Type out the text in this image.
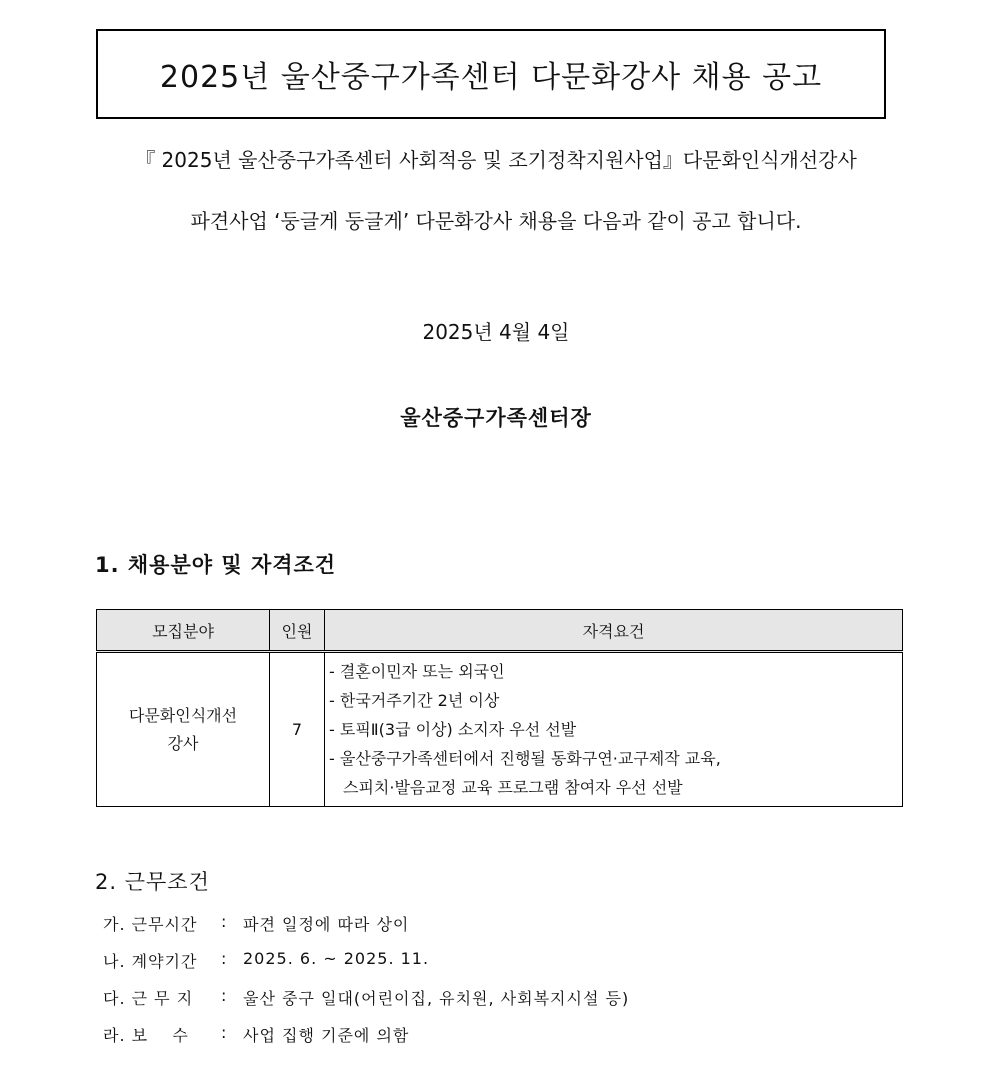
2025년 울산중구가족센터 다문화강사 채용 공고
『 2025년 울산중구가족센터 사회적응 및 조기정착지원사업』다문화인식개선강사
파견사업 ‘둥글게 둥글게’ 다문화강사 채용을 다음과 같이 공고 합니다.
2025년 4월 4일
울산중구가족센터장
1. 채용분야 및 자격조건
모집분야	인원	자격요건
다문화인식개선
강사	7	- 결혼이민자 또는 외국인
- 한국거주기간 2년 이상
- 토픽Ⅱ(3급 이상) 소지자 우선 선발
- 울산중구가족센터에서 진행될 동화구연·교구제작 교육,
스피치·발음교정 교육 프로그램 참여자 우선 선발
2. 근무조건
가. 근무시간	: 파견 일정에 따라 상이
나. 계약기간	: 2025. 6. ~ 2025. 11.
다. 근 무 지	: 울산 중구 일대(어린이집, 유치원, 사회복지시설 등)
라. 보    수	: 사업 집행 기준에 의함
